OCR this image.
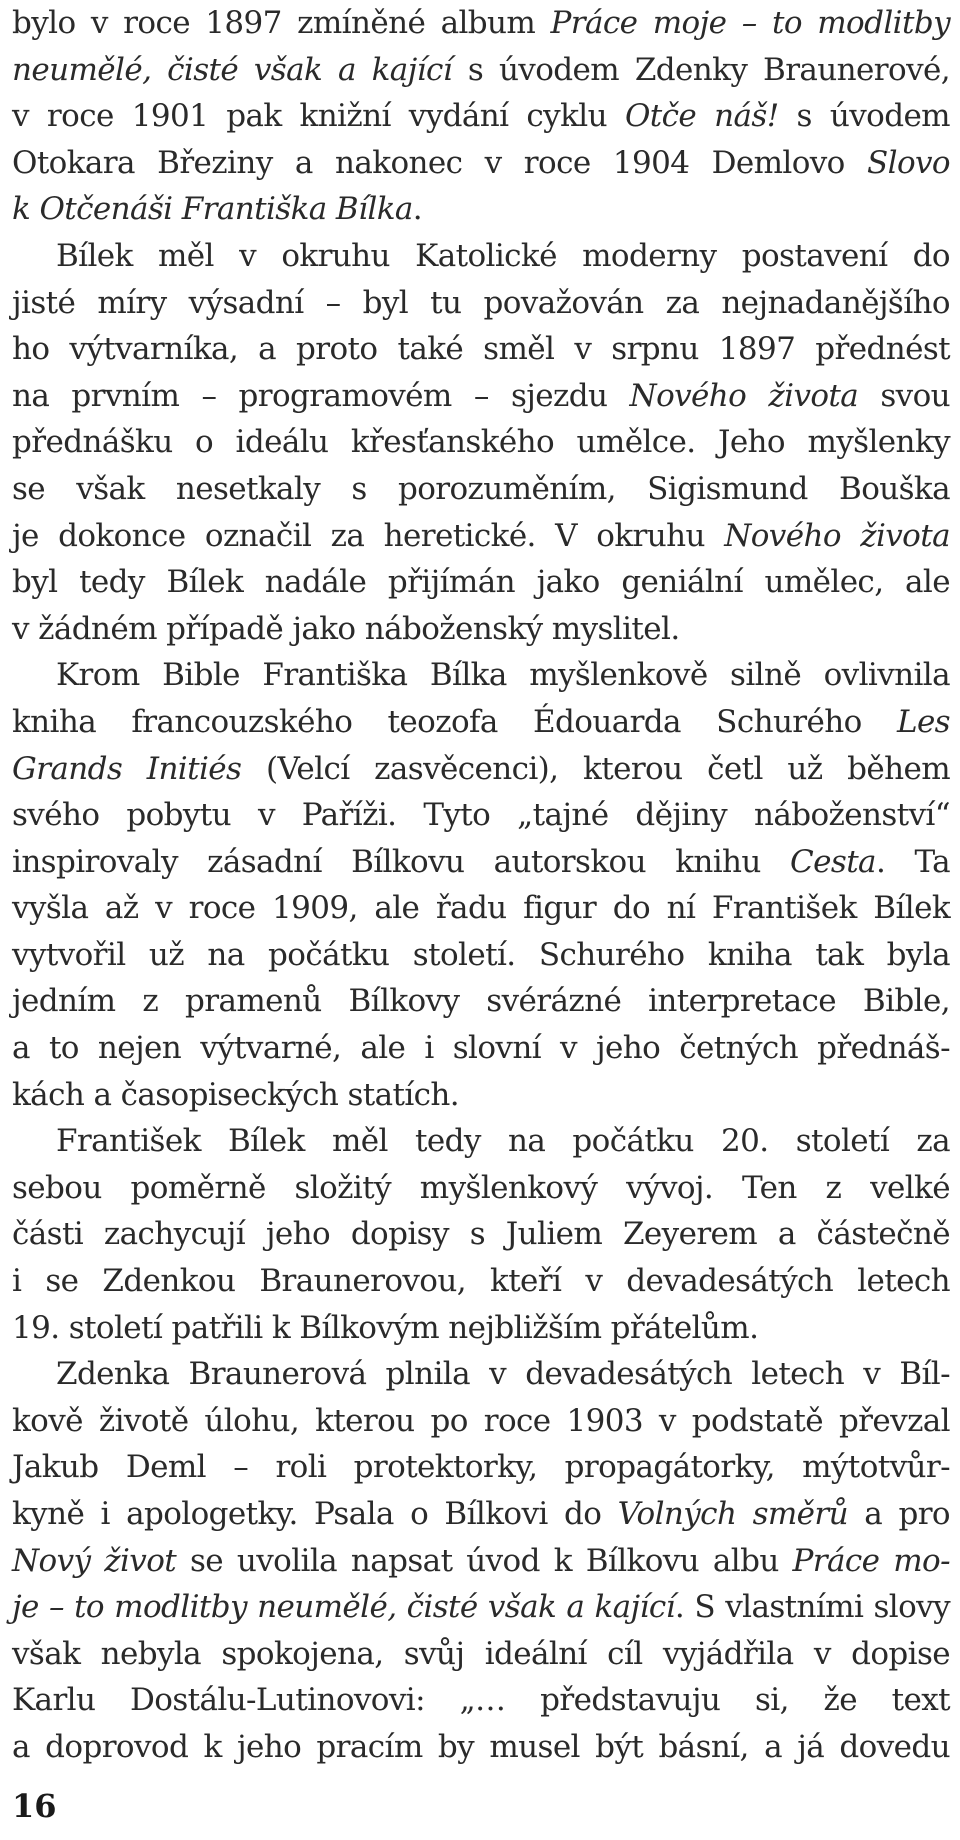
bylo v roce 1897 zmíněné album Práce moje – to modlitby
neumělé, čisté však a kající s úvodem Zdenky Braunerové,
v roce 1901 pak knižní vydání cyklu Otče náš! s úvodem
Otokara Březiny a nakonec v roce 1904 Demlovo Slovo
k Otčenáši Františka Bílka.
Bílek měl v okruhu Katolické moderny postavení do
jisté míry výsadní – byl tu považován za nejnadanějšího
ho výtvarníka, a proto také směl v srpnu 1897 přednést
na prvním – programovém – sjezdu Nového života svou
přednášku o ideálu křesťanského umělce. Jeho myšlenky
se však nesetkaly s porozuměním, Sigismund Bouška
je dokonce označil za heretické. V okruhu Nového života
byl tedy Bílek nadále přijímán jako geniální umělec, ale
v žádném případě jako náboženský myslitel.
Krom Bible Františka Bílka myšlenkově silně ovlivnila
kniha francouzského teozofa Édouarda Schurého Les
Grands Initiés (Velcí zasvěcenci), kterou četl už během
svého pobytu v Paříži. Tyto „tajné dějiny náboženství“
inspirovaly zásadní Bílkovu autorskou knihu Cesta. Ta
vyšla až v roce 1909, ale řadu figur do ní František Bílek
vytvořil už na počátku století. Schurého kniha tak byla
jedním z pramenů Bílkovy svérázné interpretace Bible,
a to nejen výtvarné, ale i slovní v jeho četných přednáš-
kách a časopiseckých statích.
František Bílek měl tedy na počátku 20. století za
sebou poměrně složitý myšlenkový vývoj. Ten z velké
části zachycují jeho dopisy s Juliem Zeyerem a částečně
i se Zdenkou Braunerovou, kteří v devadesátých letech
19. století patřili k Bílkovým nejbližším přátelům.
Zdenka Braunerová plnila v devadesátých letech v Bíl-
kově životě úlohu, kterou po roce 1903 v podstatě převzal
Jakub Deml – roli protektorky, propagátorky, mýtotvůr-
kyně i apologetky. Psala o Bílkovi do Volných směrů a pro
Nový život se uvolila napsat úvod k Bílkovu albu Práce mo-
je – to modlitby neumělé, čisté však a kající. S vlastními slovy
však nebyla spokojena, svůj ideální cíl vyjádřila v dopise
Karlu Dostálu-Lutinovovi: „… představuju si, že text
a doprovod k jeho pracím by musel být básní, a já dovedu
16
